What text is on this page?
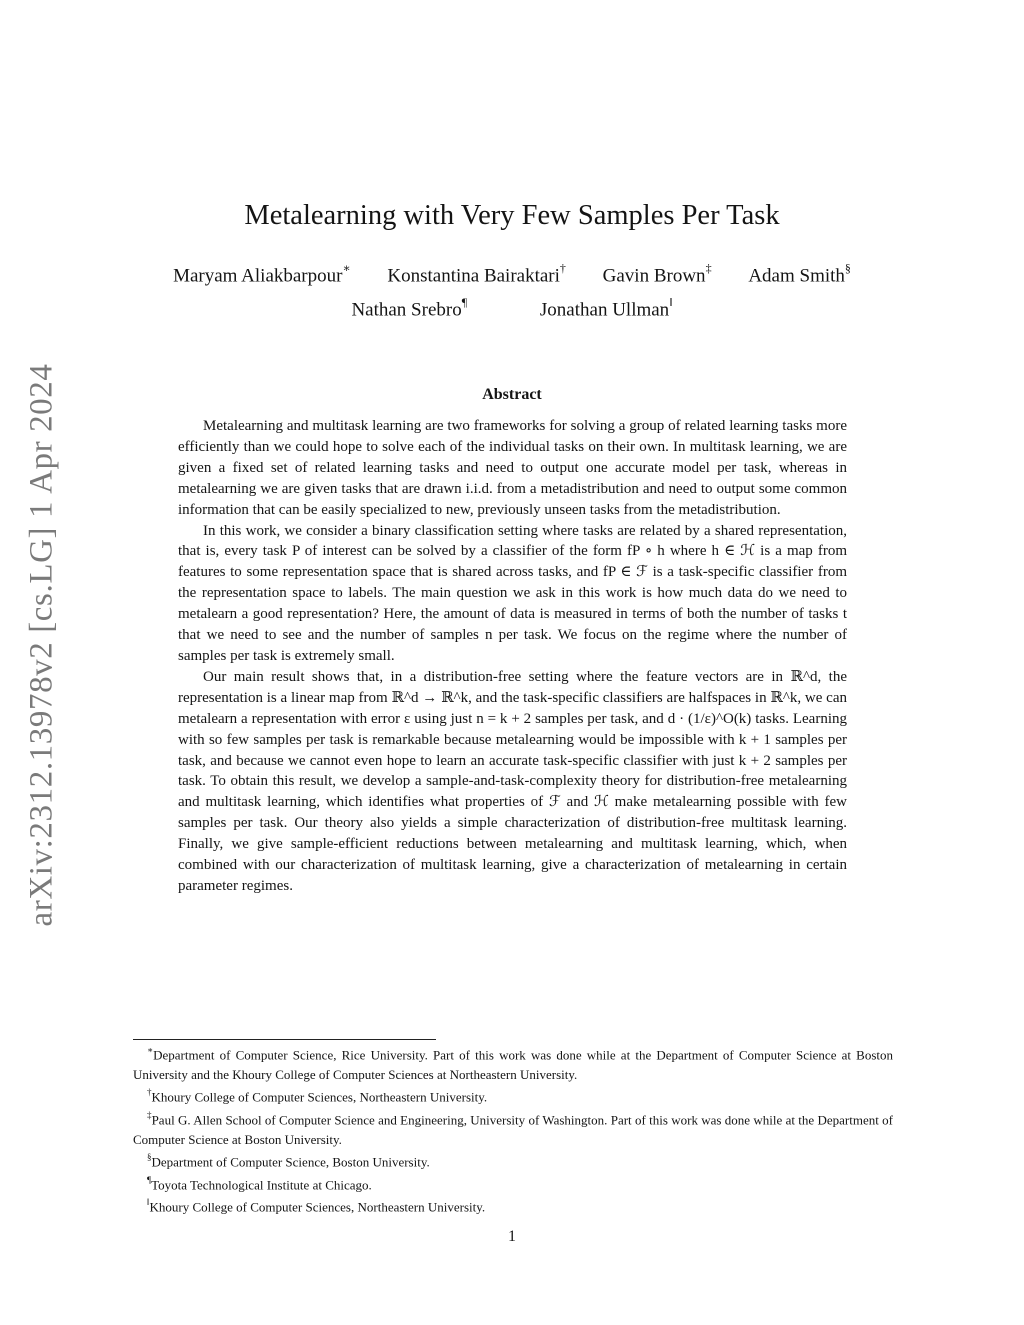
arXiv:2312.13978v2 [cs.LG] 1 Apr 2024
Metalearning with Very Few Samples Per Task
Maryam Aliakbarpour∗ Konstantina Bairaktari† Gavin Brown‡ Adam Smith§
Nathan Srebro¶	Jonathan Ullman‖
Abstract

Metalearning and multitask learning are two frameworks for solving a group of related learning tasks more efficiently than we could hope to solve each of the individual tasks on their own. In multitask learning, we are given a fixed set of related learning tasks and need to output one accurate model per task, whereas in metalearning we are given tasks that are drawn i.i.d. from a metadistribution and need to output some common information that can be easily specialized to new, previously unseen tasks from the metadistribution.

In this work, we consider a binary classification setting where tasks are related by a shared representation, that is, every task P of interest can be solved by a classifier of the form fP ∘ h where h ∈ ℋ is a map from features to some representation space that is shared across tasks, and fP ∈ ℱ is a task-specific classifier from the representation space to labels. The main question we ask in this work is how much data do we need to metalearn a good representation? Here, the amount of data is measured in terms of both the number of tasks t that we need to see and the number of samples n per task. We focus on the regime where the number of samples per task is extremely small.

Our main result shows that, in a distribution-free setting where the feature vectors are in ℝ^d, the representation is a linear map from ℝ^d → ℝ^k, and the task-specific classifiers are halfspaces in ℝ^k, we can metalearn a representation with error ε using just n = k + 2 samples per task, and d · (1/ε)^O(k) tasks. Learning with so few samples per task is remarkable because metalearning would be impossible with k + 1 samples per task, and because we cannot even hope to learn an accurate task-specific classifier with just k + 2 samples per task. To obtain this result, we develop a sample-and-task-complexity theory for distribution-free metalearning and multitask learning, which identifies what properties of ℱ and ℋ make metalearning possible with few samples per task. Our theory also yields a simple characterization of distribution-free multitask learning. Finally, we give sample-efficient reductions between metalearning and multitask learning, which, when combined with our characterization of multitask learning, give a characterization of metalearning in certain parameter regimes.

∗Department of Computer Science, Rice University. Part of this work was done while at the Department of Computer Science at Boston University and the Khoury College of Computer Sciences at Northeastern University.

†Khoury College of Computer Sciences, Northeastern University.

‡Paul G. Allen School of Computer Science and Engineering, University of Washington. Part of this work was done while at the Department of Computer Science at Boston University.

§Department of Computer Science, Boston University.

¶Toyota Technological Institute at Chicago.

‖Khoury College of Computer Sciences, Northeastern University.

1
